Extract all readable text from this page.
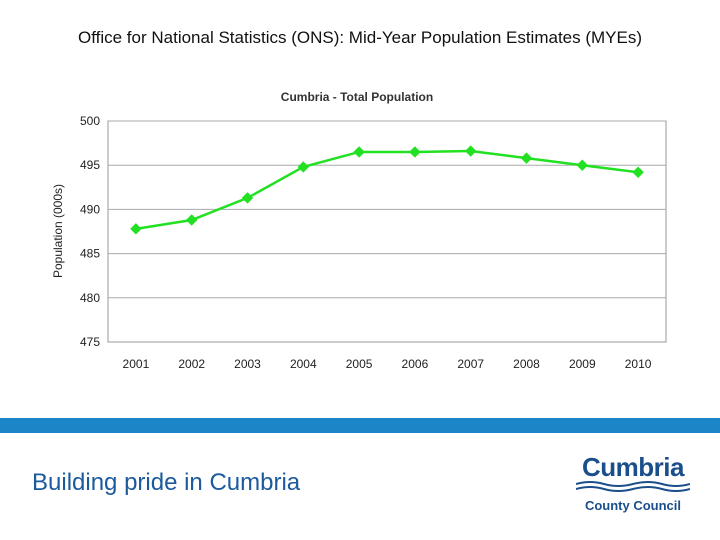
Office for National Statistics (ONS): Mid-Year Population Estimates (MYEs)
Cumbria - Total Population
500
495
490
485
480
475
2001 2002 2003 2004 2005 2006 2007 2008 2009 2010
Population (000s)
Building pride in Cumbria
Cumbria
County Council
